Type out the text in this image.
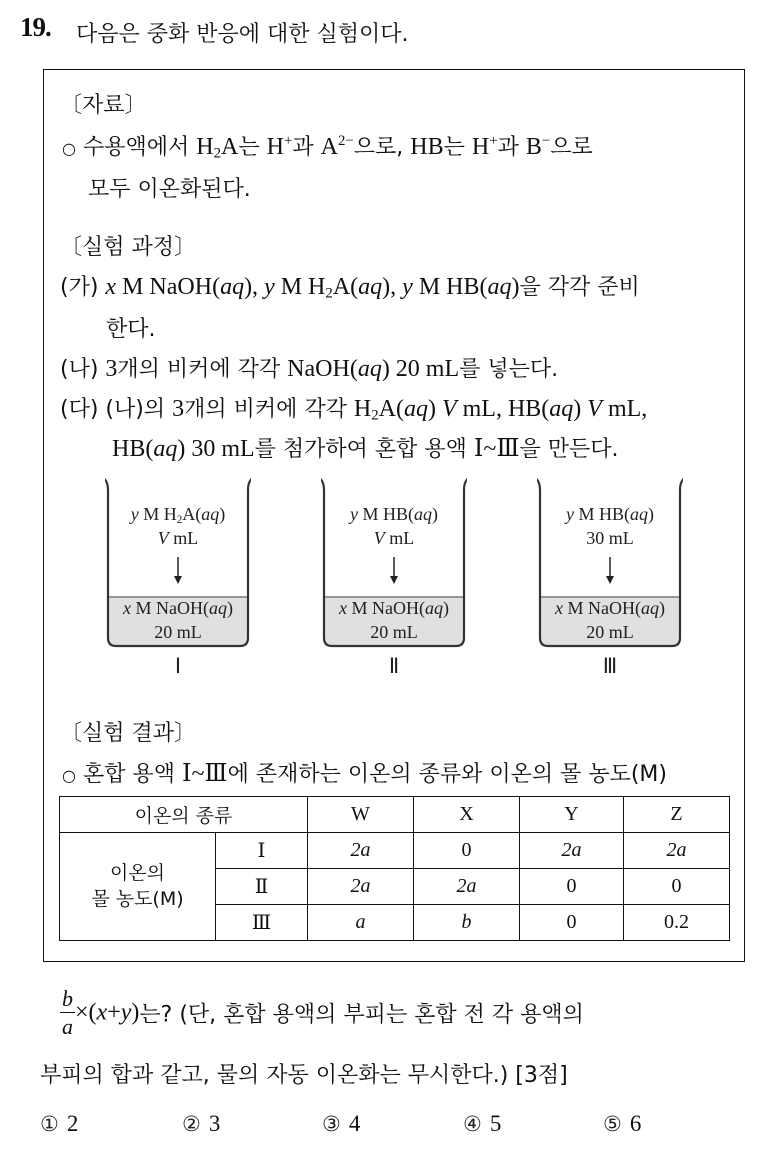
19. 다음은 중화 반응에 대한 실험이다.
〔자료〕
○ 수용액에서 $H_2A$는 H+과 $A^{2-}$으로, HB는 H+과 B−으로
모두 이온화된다.
〔실험 과정〕
(가) x M NaOH(aq), y M $H_2A(aq)$, y M HB(aq)을 각각 준비
한다.
(나) 3개의 비커에 각각 NaOH(aq) 20 mL를 넣는다.
(다) (나)의 3개의 비커에 각각 $H_2A(aq)$ V mL, HB(aq) V mL,
HB(aq) 30 mL를 첨가하여 혼합 용액 Ⅰ~Ⅲ을 만든다.
y M $H_2A(aq)$
V mL
x M NaOH(aq)
20 mL
Ⅰ
y M HB(aq)
V mL
x M NaOH(aq)
20 mL
Ⅱ
y M HB(aq)
30 mL
x M NaOH(aq)
20 mL
Ⅲ
〔실험 결과〕
○ 혼합 용액 Ⅰ~Ⅲ에 존재하는 이온의 종류와 이온의 몰 농도(M)
이온의 종류		W	X	Y	Z
이온의
몰 농도(M)	Ⅰ	2a	0	2a	2a
	Ⅱ	2a	2a	0	0
	Ⅲ	a	b	0	0.2
$\frac{b}{a} \times(x+y)$는? (단, 혼합 용액의 부피는 혼합 전 각 용액의
부피의 합과 같고, 물의 자동 이온화는 무시한다.) [3점]
① 2	② 3	③ 4	④ 5	⑤ 6
